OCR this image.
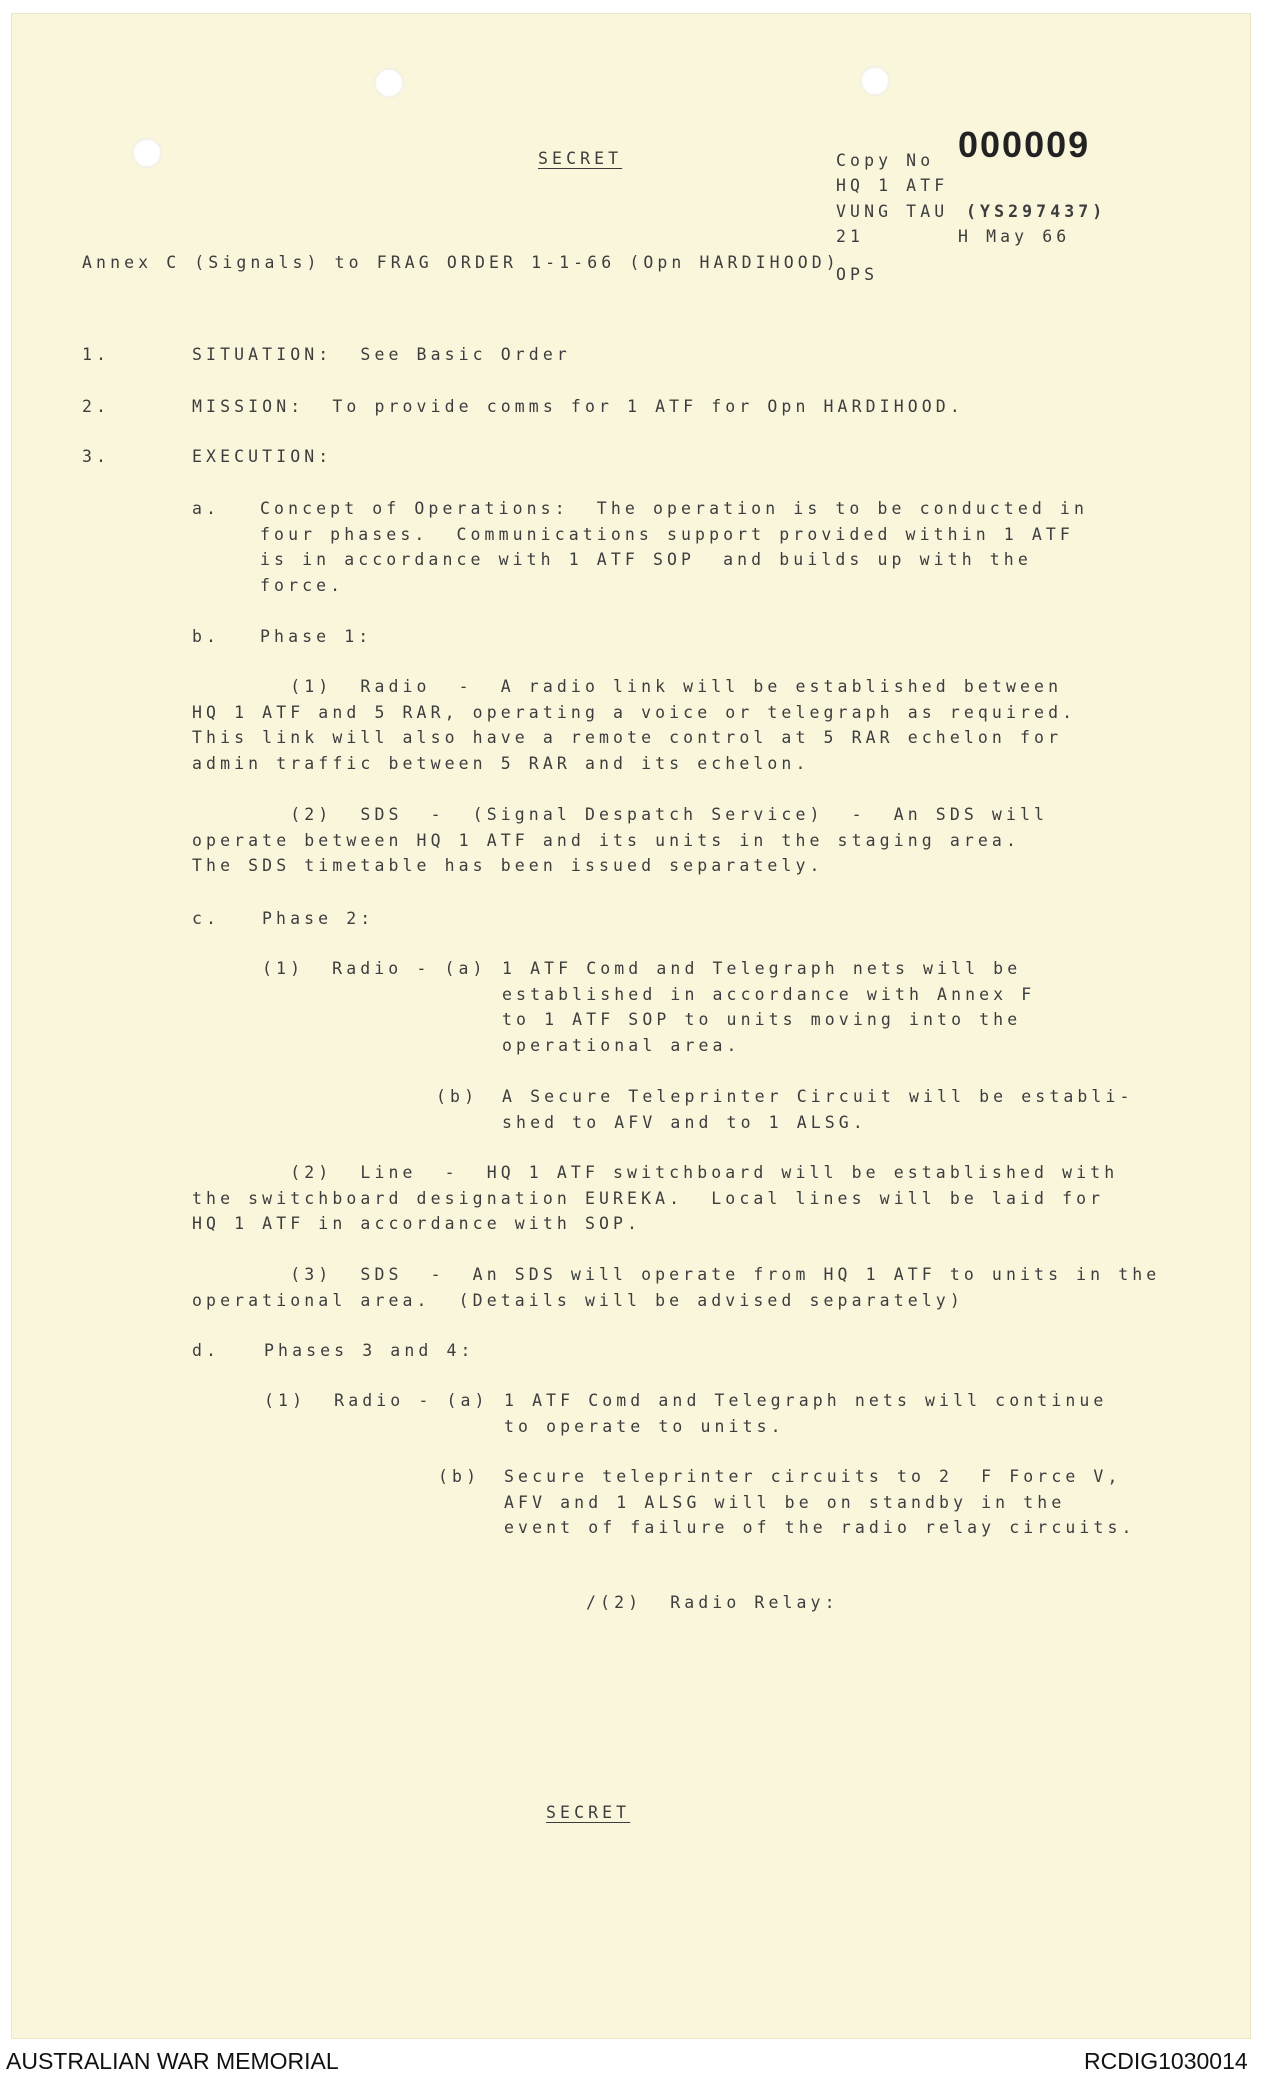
SECRET	Copy No 000009
HQ 1 ATF
VUNG TAU (YS297437)
21	H May 66
OPS
Annex C (Signals) to FRAG ORDER 1-1-66 (Opn HARDIHOOD)
1.	SITUATION:  See Basic Order
2.	MISSION:  To provide comms for 1 ATF for Opn HARDIHOOD.
3.	EXECUTION:
a. Concept of Operations:  The operation is to be conducted in
four phases.  Communications support provided within 1 ATF
is in accordance with 1 ATF SOP  and builds up with the
force.
b. Phase 1:
(1)  Radio  -  A radio link will be established between
HQ 1 ATF and 5 RAR, operating a voice or telegraph as required.
This link will also have a remote control at 5 RAR echelon for
admin traffic between 5 RAR and its echelon.
(2)  SDS  -  (Signal Despatch Service)  -  An SDS will
operate between HQ 1 ATF and its units in the staging area.
The SDS timetable has been issued separately.
c.	Phase 2:
(1)  Radio - (a) 1 ATF Comd and Telegraph nets will be
established in accordance with Annex F
to 1 ATF SOP to units moving into the
operational area.
(b) A Secure Teleprinter Circuit will be establi-
shed to AFV and to 1 ALSG.
(2)  Line  -  HQ 1 ATF switchboard will be established with
the switchboard designation EUREKA.  Local lines will be laid for
HQ 1 ATF in accordance with SOP.
(3)  SDS  -  An SDS will operate from HQ 1 ATF to units in the
operational area.  (Details will be advised separately)
d.	Phases 3 and 4:
(1)  Radio - (a) 1 ATF Comd and Telegraph nets will continue
to operate to units.
(b) Secure teleprinter circuits to 2  F Force V,
AFV and 1 ALSG will be on standby in the
event of failure of the radio relay circuits.
/(2)  Radio Relay:
SECRET
AUSTRALIAN WAR MEMORIAL	RCDIG1030014
